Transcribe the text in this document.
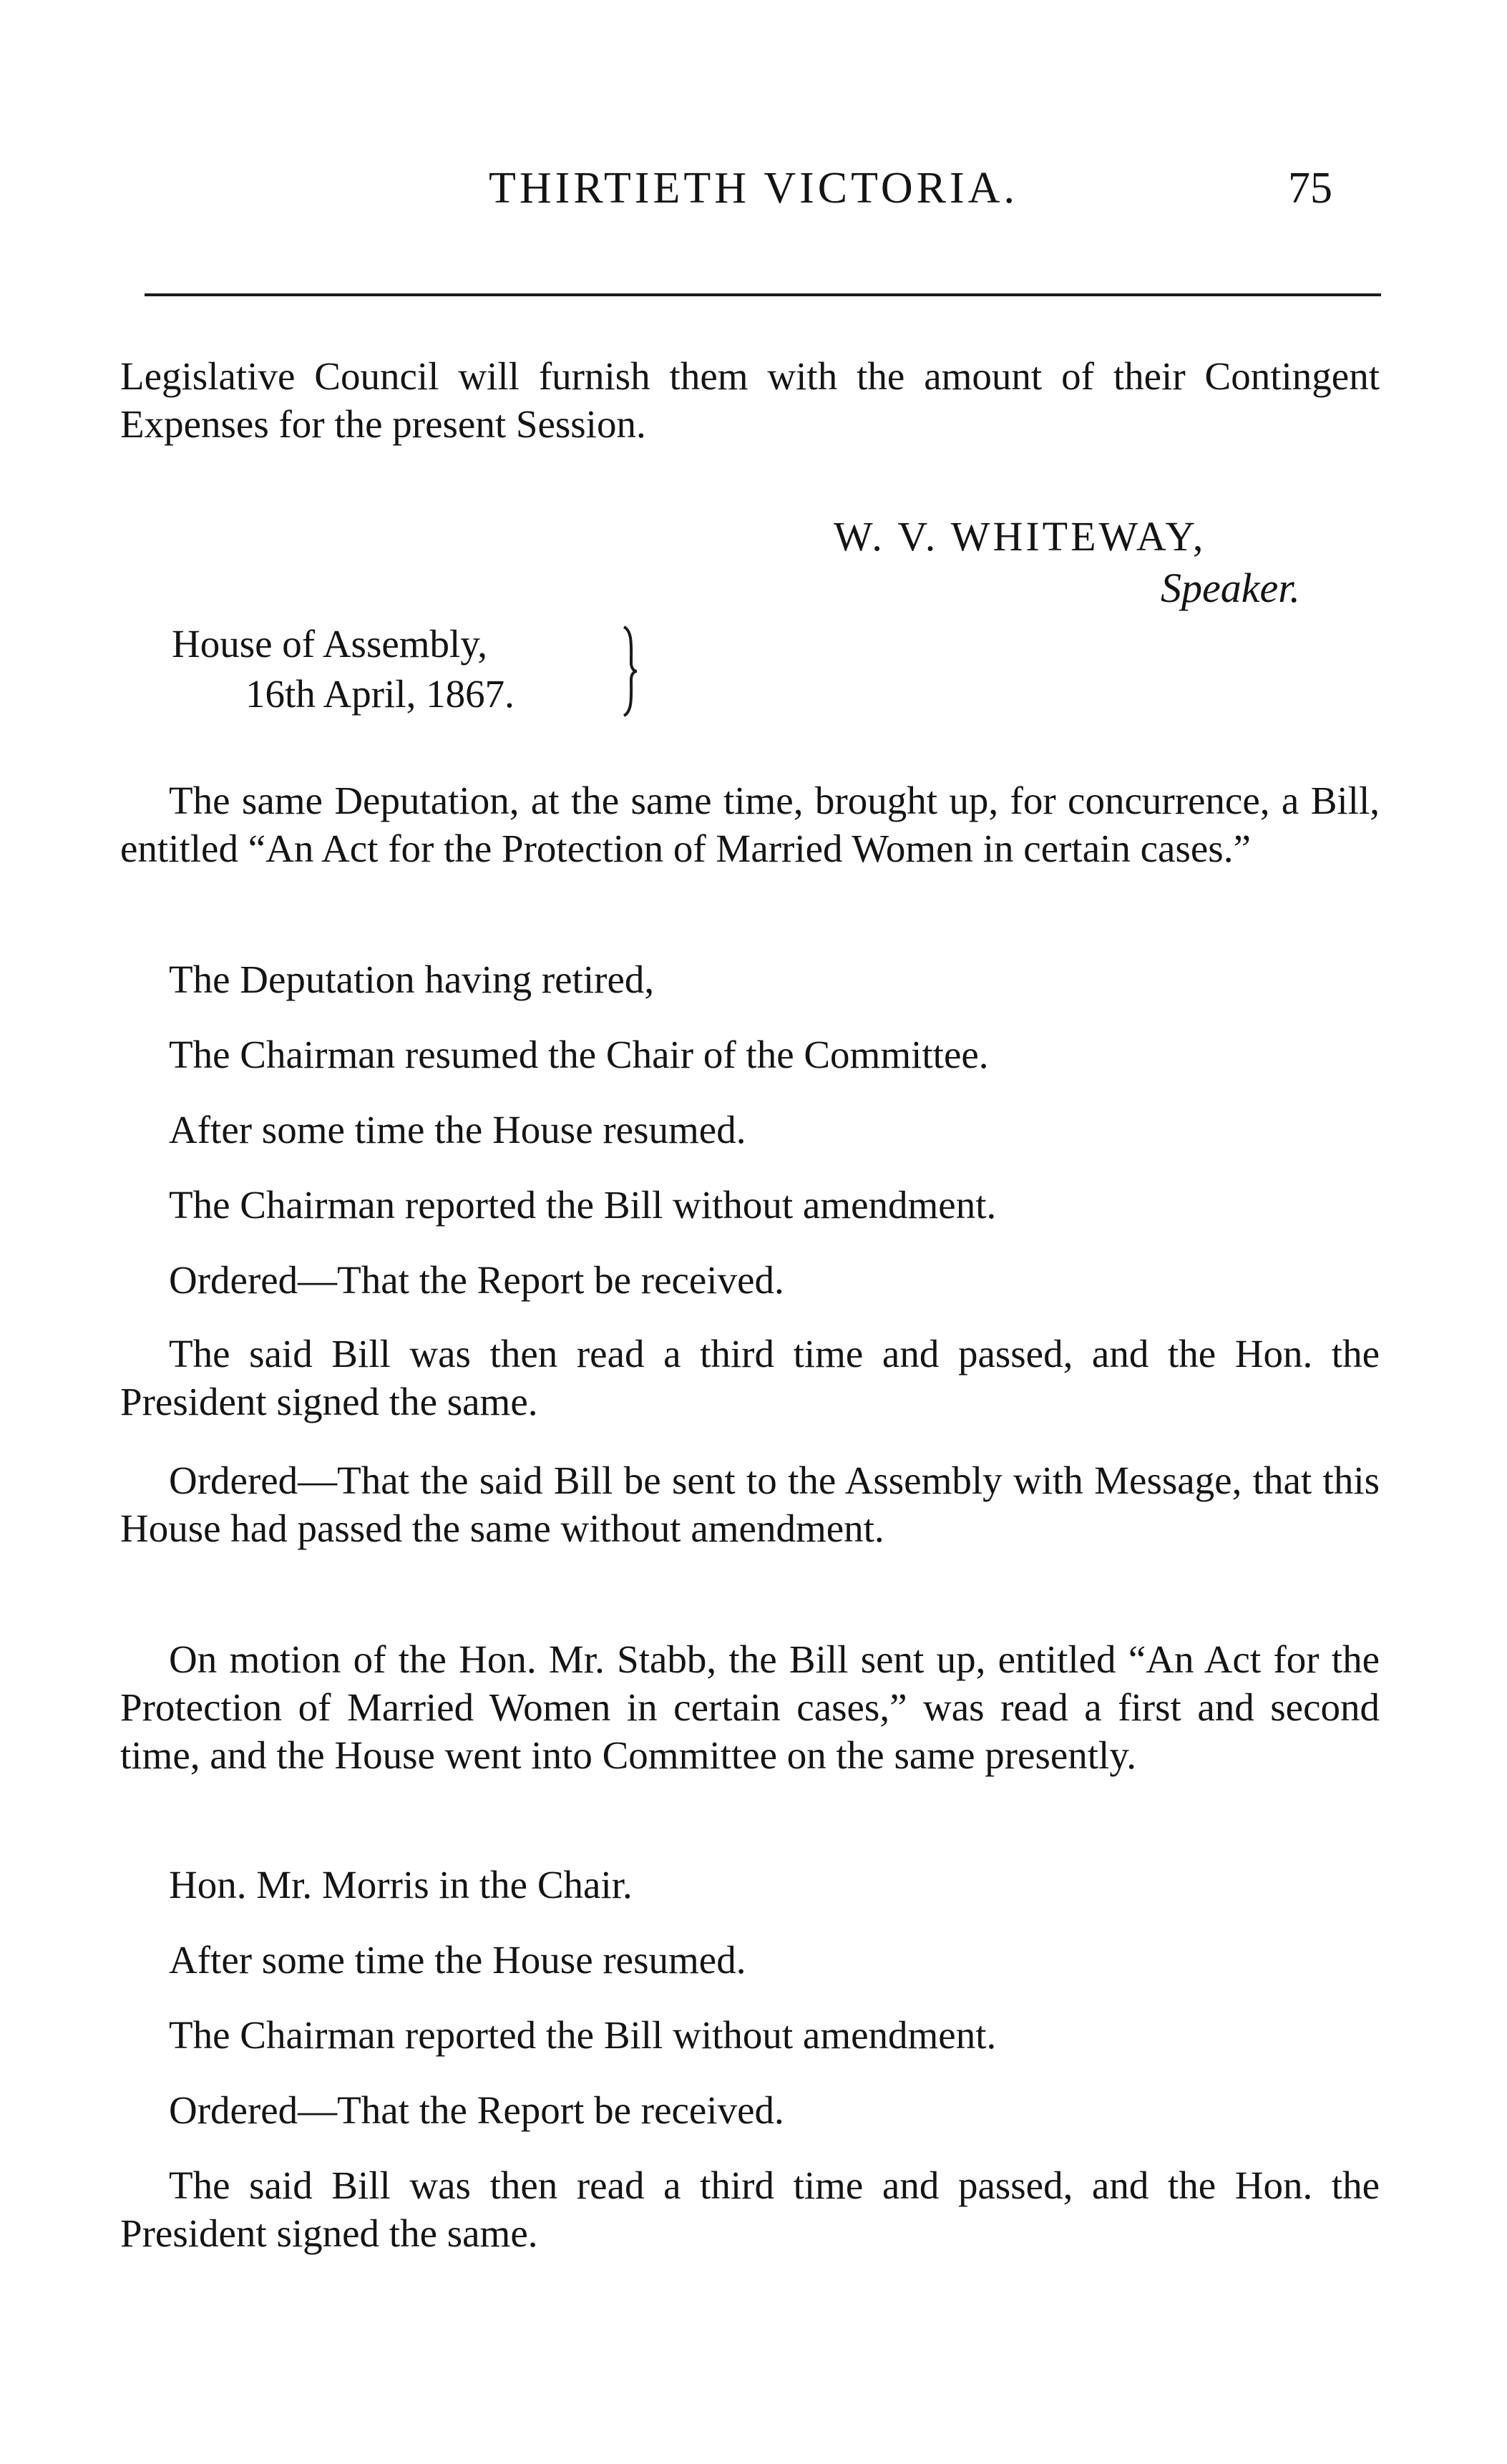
THIRTIETH VICTORIA.	75

Legislative Council will furnish them with the amount of their Contingent Expenses for the present Session.

W. V. WHITEWAY,
Speaker.
House of Assembly,
16th April, 1867.

The same Deputation, at the same time, brought up, for concurrence, a Bill, entitled “An Act for the Protection of Married Women in certain cases.”

The Deputation having retired,

The Chairman resumed the Chair of the Committee.

After some time the House resumed.

The Chairman reported the Bill without amendment.

Ordered—That the Report be received.

The said Bill was then read a third time and passed, and the Hon. the President signed the same.

Ordered—That the said Bill be sent to the Assembly with Message, that this House had passed the same without amendment.

On motion of the Hon. Mr. Stabb, the Bill sent up, entitled “An Act for the Protection of Married Women in certain cases,” was read a first and second time, and the House went into Committee on the same presently.

Hon. Mr. Morris in the Chair.

After some time the House resumed.

The Chairman reported the Bill without amendment.

Ordered—That the Report be received.

The said Bill was then read a third time and passed, and the Hon. the President signed the same.
